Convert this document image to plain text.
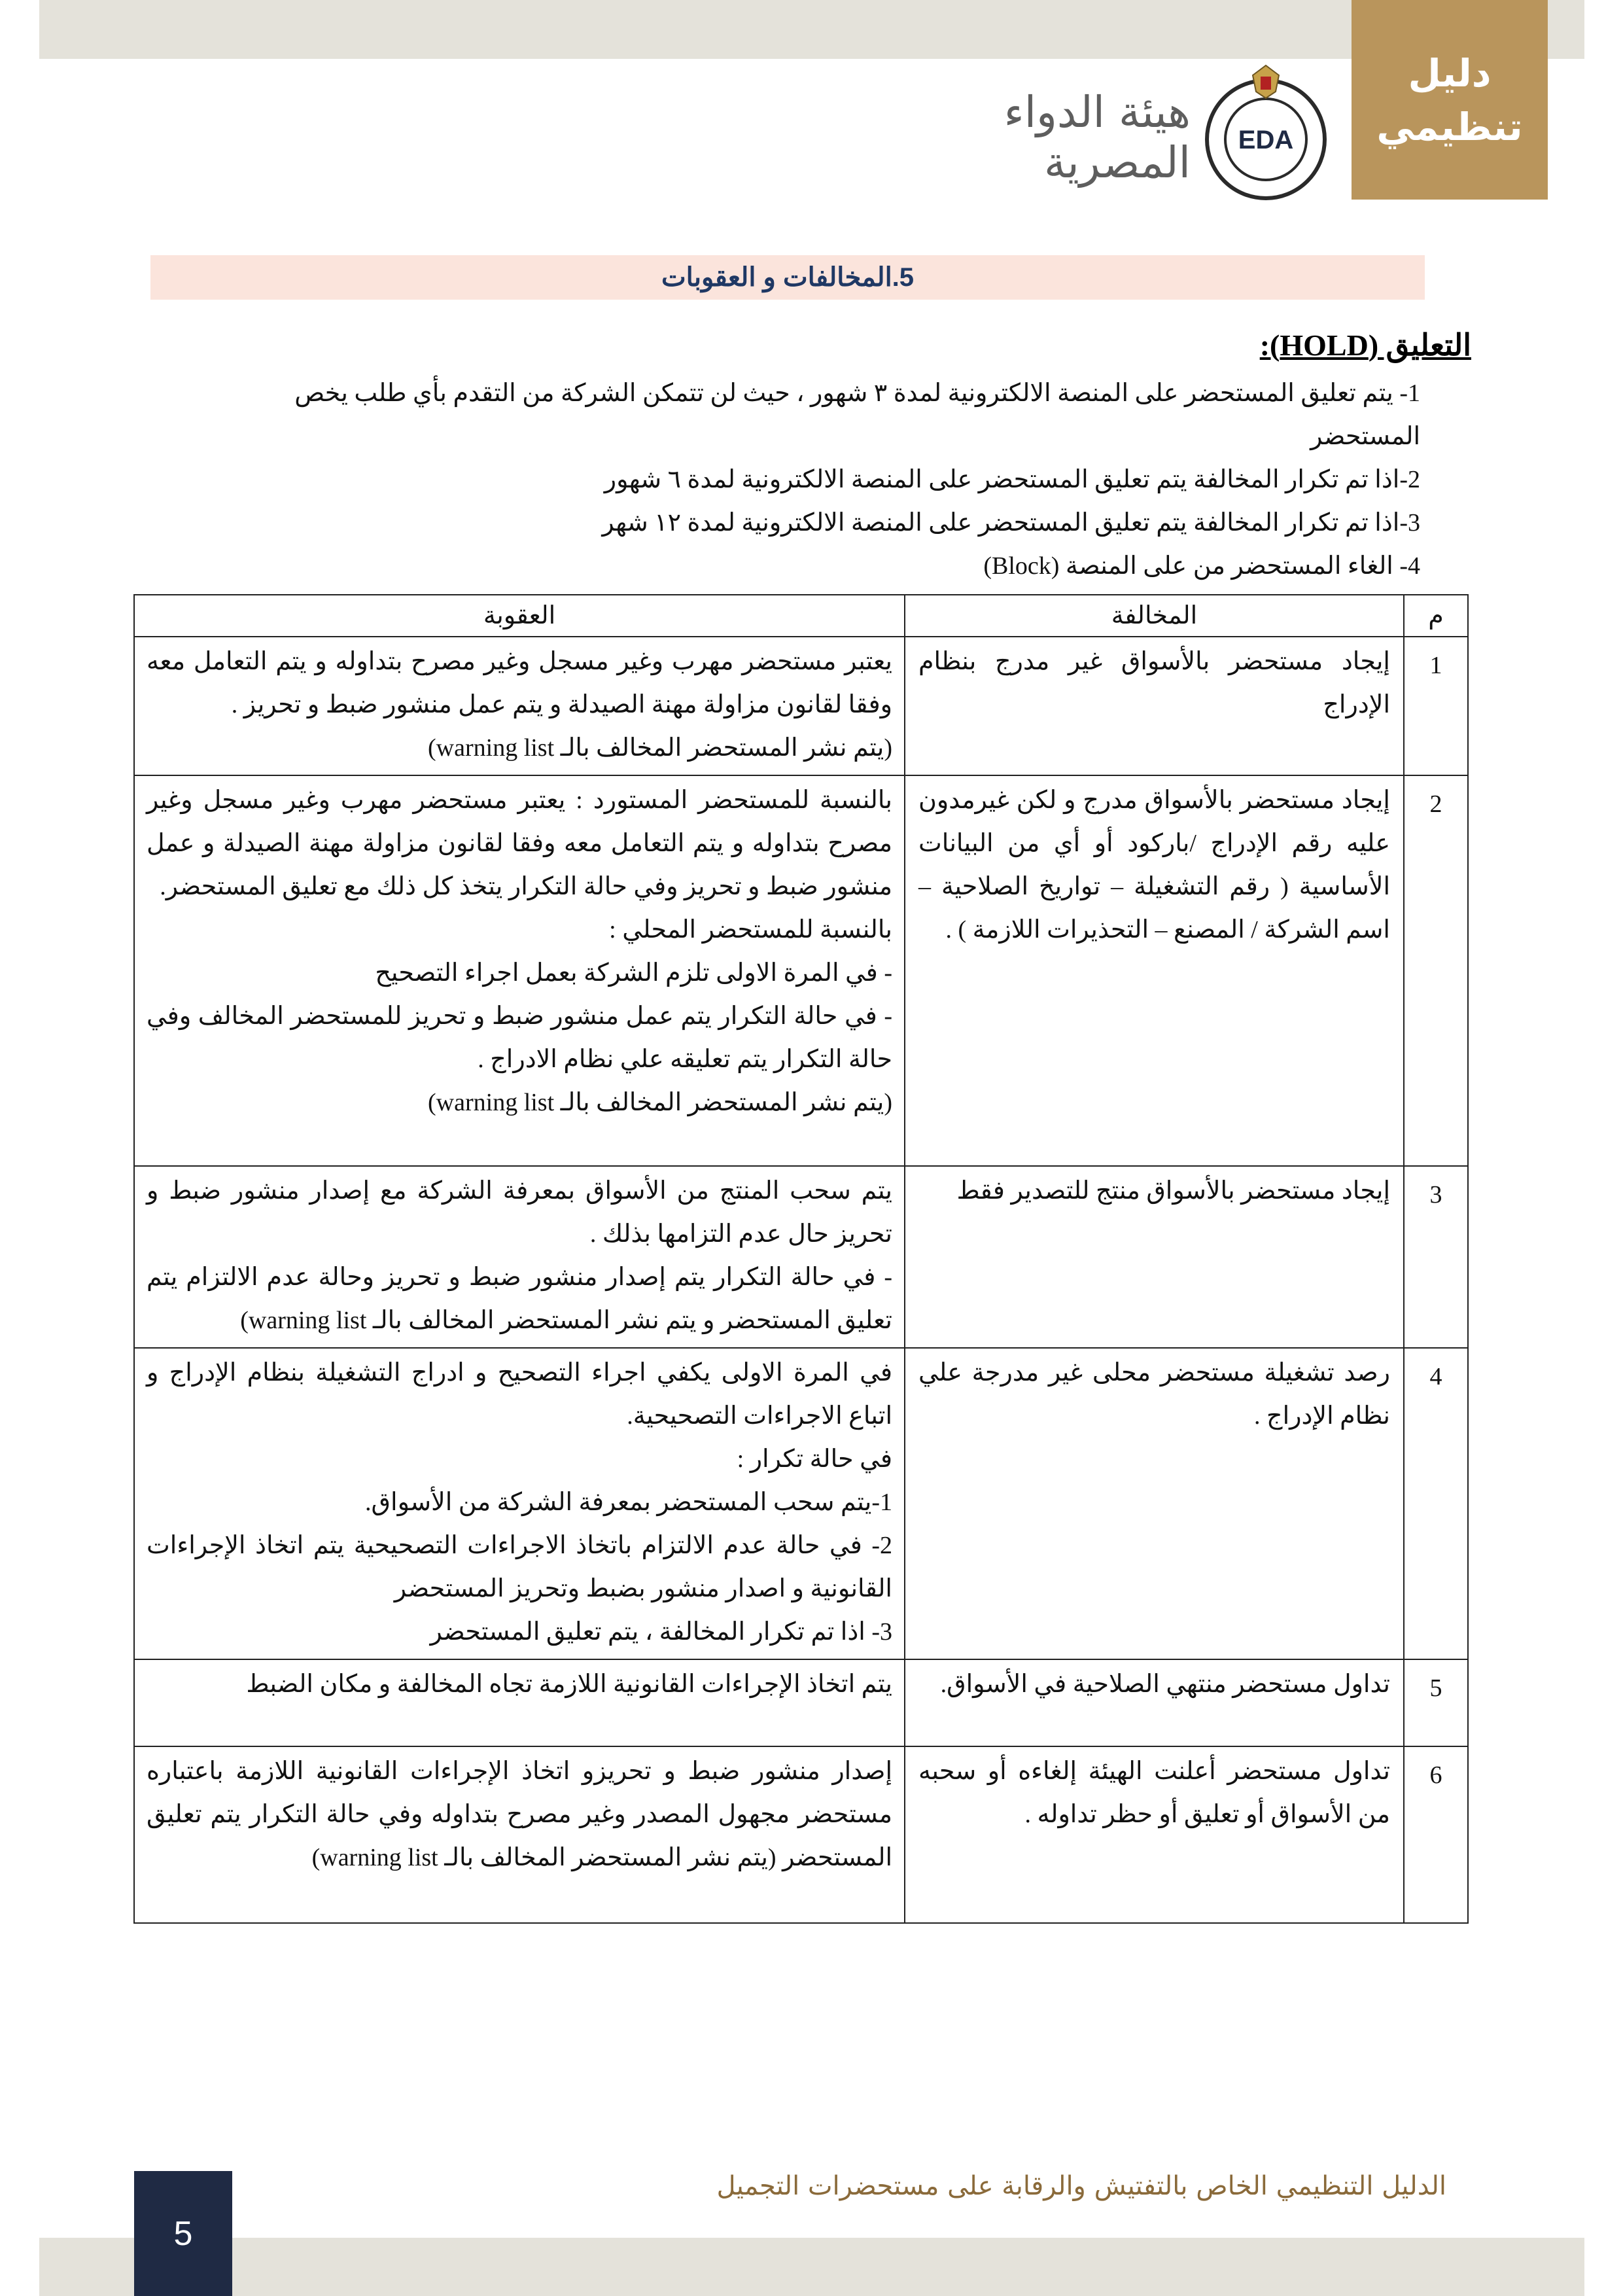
دليل
تنظيمي
EDA
هيئة الدواء المصرية
5.المخالفات و العقوبات
التعليق (HOLD):
1- يتم تعليق المستحضر على المنصة الالكترونية لمدة ٣ شهور ، حيث لن تتمكن الشركة من التقدم بأي طلب يخص
المستحضر
2-اذا تم تكرار المخالفة يتم تعليق المستحضر على المنصة الالكترونية لمدة ٦ شهور
3-اذا تم تكرار المخالفة يتم تعليق المستحضر على المنصة الالكترونية لمدة ١٢ شهر
4- الغاء المستحضر من على المنصة (Block)
م	المخالفة	العقوبة
1	إيجاد مستحضر بالأسواق غير مدرج بنظام الإدراج	يعتبر مستحضر مهرب وغير مسجل وغير مصرح بتداوله و يتم التعامل معه وفقا لقانون مزاولة مهنة الصيدلة و يتم عمل منشور ضبط و تحريز .
(يتم نشر المستحضر المخالف بالـ warning list)

2	إيجاد مستحضر بالأسواق مدرج و لكن غيرمدون عليه رقم الإدراج /باركود أو أي من البيانات الأساسية ( رقم التشغيلة – تواريخ الصلاحية – اسم الشركة / المصنع – التحذيرات اللازمة ) .	بالنسبة للمستحضر المستورد : يعتبر مستحضر مهرب وغير مسجل وغير مصرح بتداوله و يتم التعامل معه وفقا لقانون مزاولة مهنة الصيدلة و عمل منشور ضبط و تحريز وفي حالة التكرار يتخذ كل ذلك مع تعليق المستحضر.
بالنسبة للمستحضر المحلي :
- في المرة الاولى تلزم الشركة بعمل اجراء التصحيح
- في حالة التكرار يتم عمل منشور ضبط و تحريز للمستحضر المخالف وفي حالة التكرار يتم تعليقه علي نظام الادراج .
(يتم نشر المستحضر المخالف بالـ warning list)

3	إيجاد مستحضر بالأسواق منتج للتصدير فقط	يتم سحب المنتج من الأسواق بمعرفة الشركة مع إصدار منشور ضبط و تحريز حال عدم التزامها بذلك .
- في حالة التكرار يتم إصدار منشور ضبط و تحريز وحالة عدم الالتزام يتم تعليق المستحضر و يتم نشر المستحضر المخالف بالـ warning list)

4	رصد تشغيلة مستحضر محلى غير مدرجة علي نظام الإدراج .	في المرة الاولى يكفي اجراء التصحيح و ادراج التشغيلة بنظام الإدراج و اتباع الاجراءات التصحيحية.
في حالة تكرار :
1-يتم سحب المستحضر بمعرفة الشركة من الأسواق.
2- في حالة عدم الالتزام باتخاذ الاجراءات التصحيحية يتم اتخاذ الإجراءات القانونية و اصدار منشور بضبط وتحريز المستحضر
3- اذا تم تكرار المخالفة ، يتم تعليق المستحضر

5	تداول مستحضر منتهي الصلاحية في الأسواق.	يتم اتخاذ الإجراءات القانونية اللازمة تجاه المخالفة و مكان الضبط

6	تداول مستحضر أعلنت الهيئة إلغاءه أو سحبه من الأسواق أو تعليق أو حظر تداوله .	إصدار منشور ضبط و تحريزو اتخاذ الإجراءات القانونية اللازمة باعتباره مستحضر مجهول المصدر وغير مصرح بتداوله وفي حالة التكرار يتم تعليق المستحضر (يتم نشر المستحضر المخالف بالـ warning list)
الدليل التنظيمي الخاص بالتفتيش والرقابة على مستحضرات التجميل
5
